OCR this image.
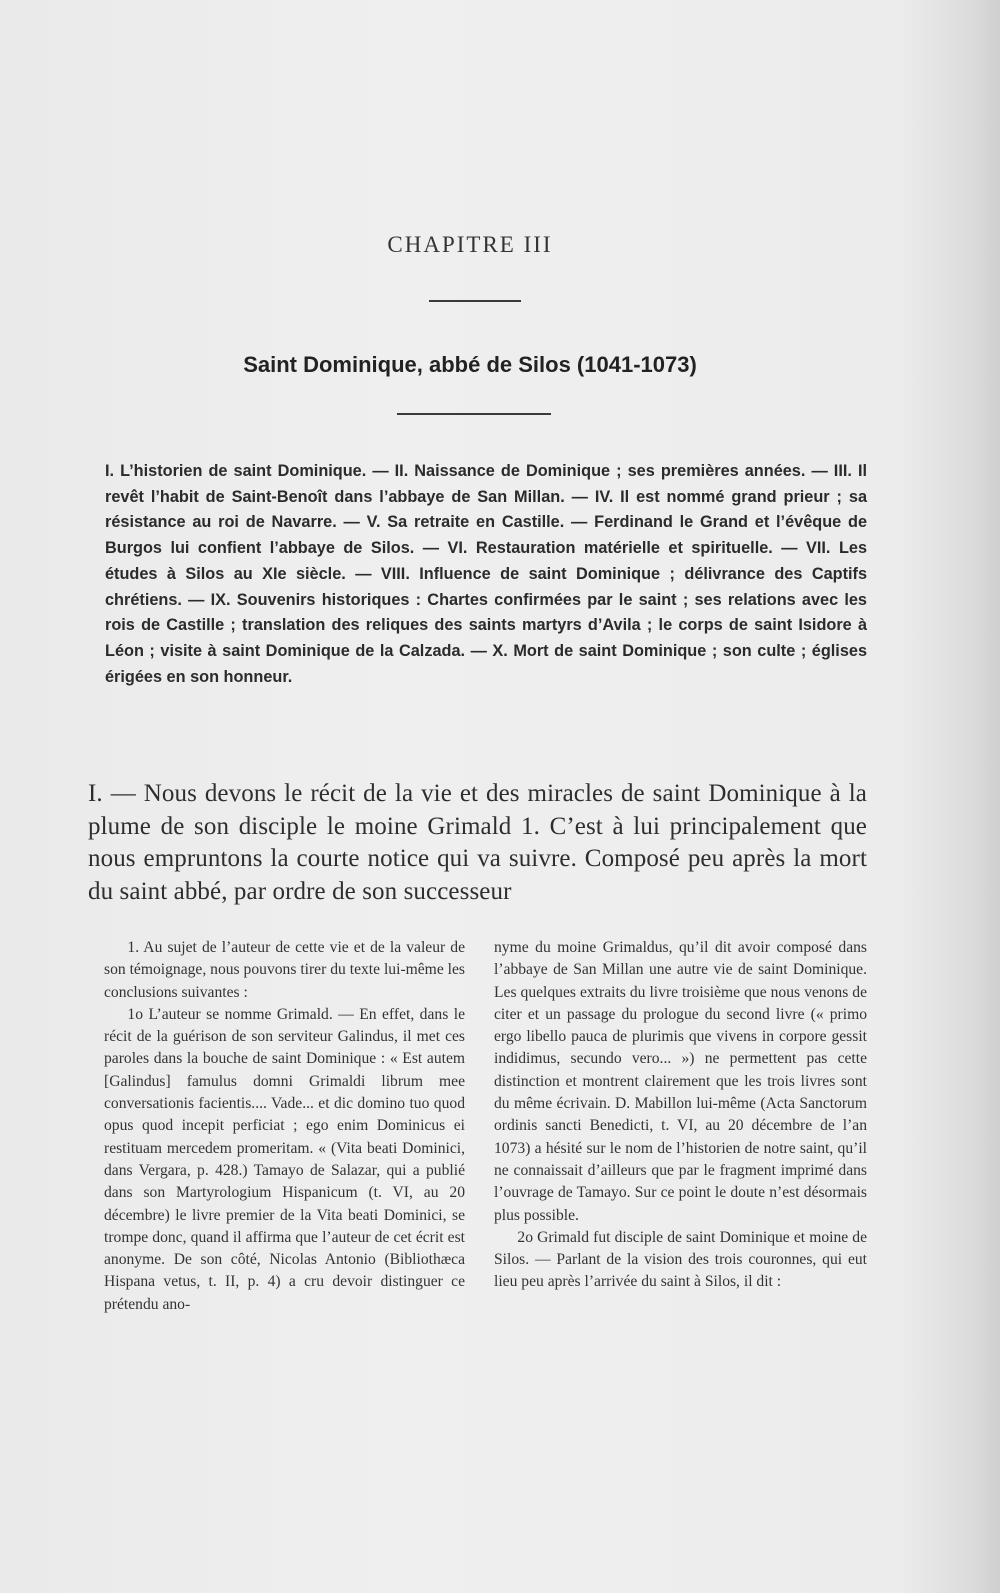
CHAPITRE III
Saint Dominique, abbé de Silos (1041-1073)
I. L’historien de saint Dominique. — II. Naissance de Dominique ; ses premières années. — III. Il revêt l’habit de Saint-Benoît dans l’abbaye de San Millan. — IV. Il est nommé grand prieur ; sa résistance au roi de Navarre. — V. Sa retraite en Castille. — Ferdinand le Grand et l’évêque de Burgos lui confient l’abbaye de Silos. — VI. Restauration matérielle et spirituelle. — VII. Les études à Silos au XIe siècle. — VIII. Influence de saint Dominique ; délivrance des Captifs chrétiens. — IX. Souvenirs historiques : Chartes confirmées par le saint ; ses relations avec les rois de Castille ; translation des reliques des saints martyrs d’Avila ; le corps de saint Isidore à Léon ; visite à saint Dominique de la Calzada. — X. Mort de saint Dominique ; son culte ; églises érigées en son honneur.
I. — Nous devons le récit de la vie et des miracles de saint Dominique à la plume de son disciple le moine Grimald 1. C’est à lui principalement que nous empruntons la courte notice qui va suivre. Composé peu après la mort du saint abbé, par ordre de son successeur

1. Au sujet de l’auteur de cette vie et de la valeur de son témoignage, nous pouvons tirer du texte lui-même les conclusions suivantes :

1o L’auteur se nomme Grimald. — En effet, dans le récit de la guérison de son serviteur Galindus, il met ces paroles dans la bouche de saint Dominique : « Est autem [Galindus] famulus domni Grimaldi librum mee conversationis facientis.... Vade... et dic domino tuo quod opus quod incepit perficiat ; ego enim Dominicus ei restituam mercedem promeritam. « (Vita beati Dominici, dans Vergara, p. 428.) Tamayo de Salazar, qui a publié dans son Martyrologium Hispanicum (t. VI, au 20 décembre) le livre premier de la Vita beati Dominici, se trompe donc, quand il affirma que l’auteur de cet écrit est anonyme. De son côté, Nicolas Antonio (Bibliothæca Hispana vetus, t. II, p. 4) a cru devoir distinguer ce prétendu ano-

nyme du moine Grimaldus, qu’il dit avoir composé dans l’abbaye de San Millan une autre vie de saint Dominique. Les quelques extraits du livre troisième que nous venons de citer et un passage du prologue du second livre (« primo ergo libello pauca de plurimis que vivens in corpore gessit indidimus, secundo vero... ») ne permettent pas cette distinction et montrent clairement que les trois livres sont du même écrivain. D. Mabillon lui-même (Acta Sanctorum ordinis sancti Benedicti, t. VI, au 20 décembre de l’an 1073) a hésité sur le nom de l’historien de notre saint, qu’il ne connaissait d’ailleurs que par le fragment imprimé dans l’ouvrage de Tamayo. Sur ce point le doute n’est désormais plus possible.

2o Grimald fut disciple de saint Dominique et moine de Silos. — Parlant de la vision des trois couronnes, qui eut lieu peu après l’arrivée du saint à Silos, il dit :
